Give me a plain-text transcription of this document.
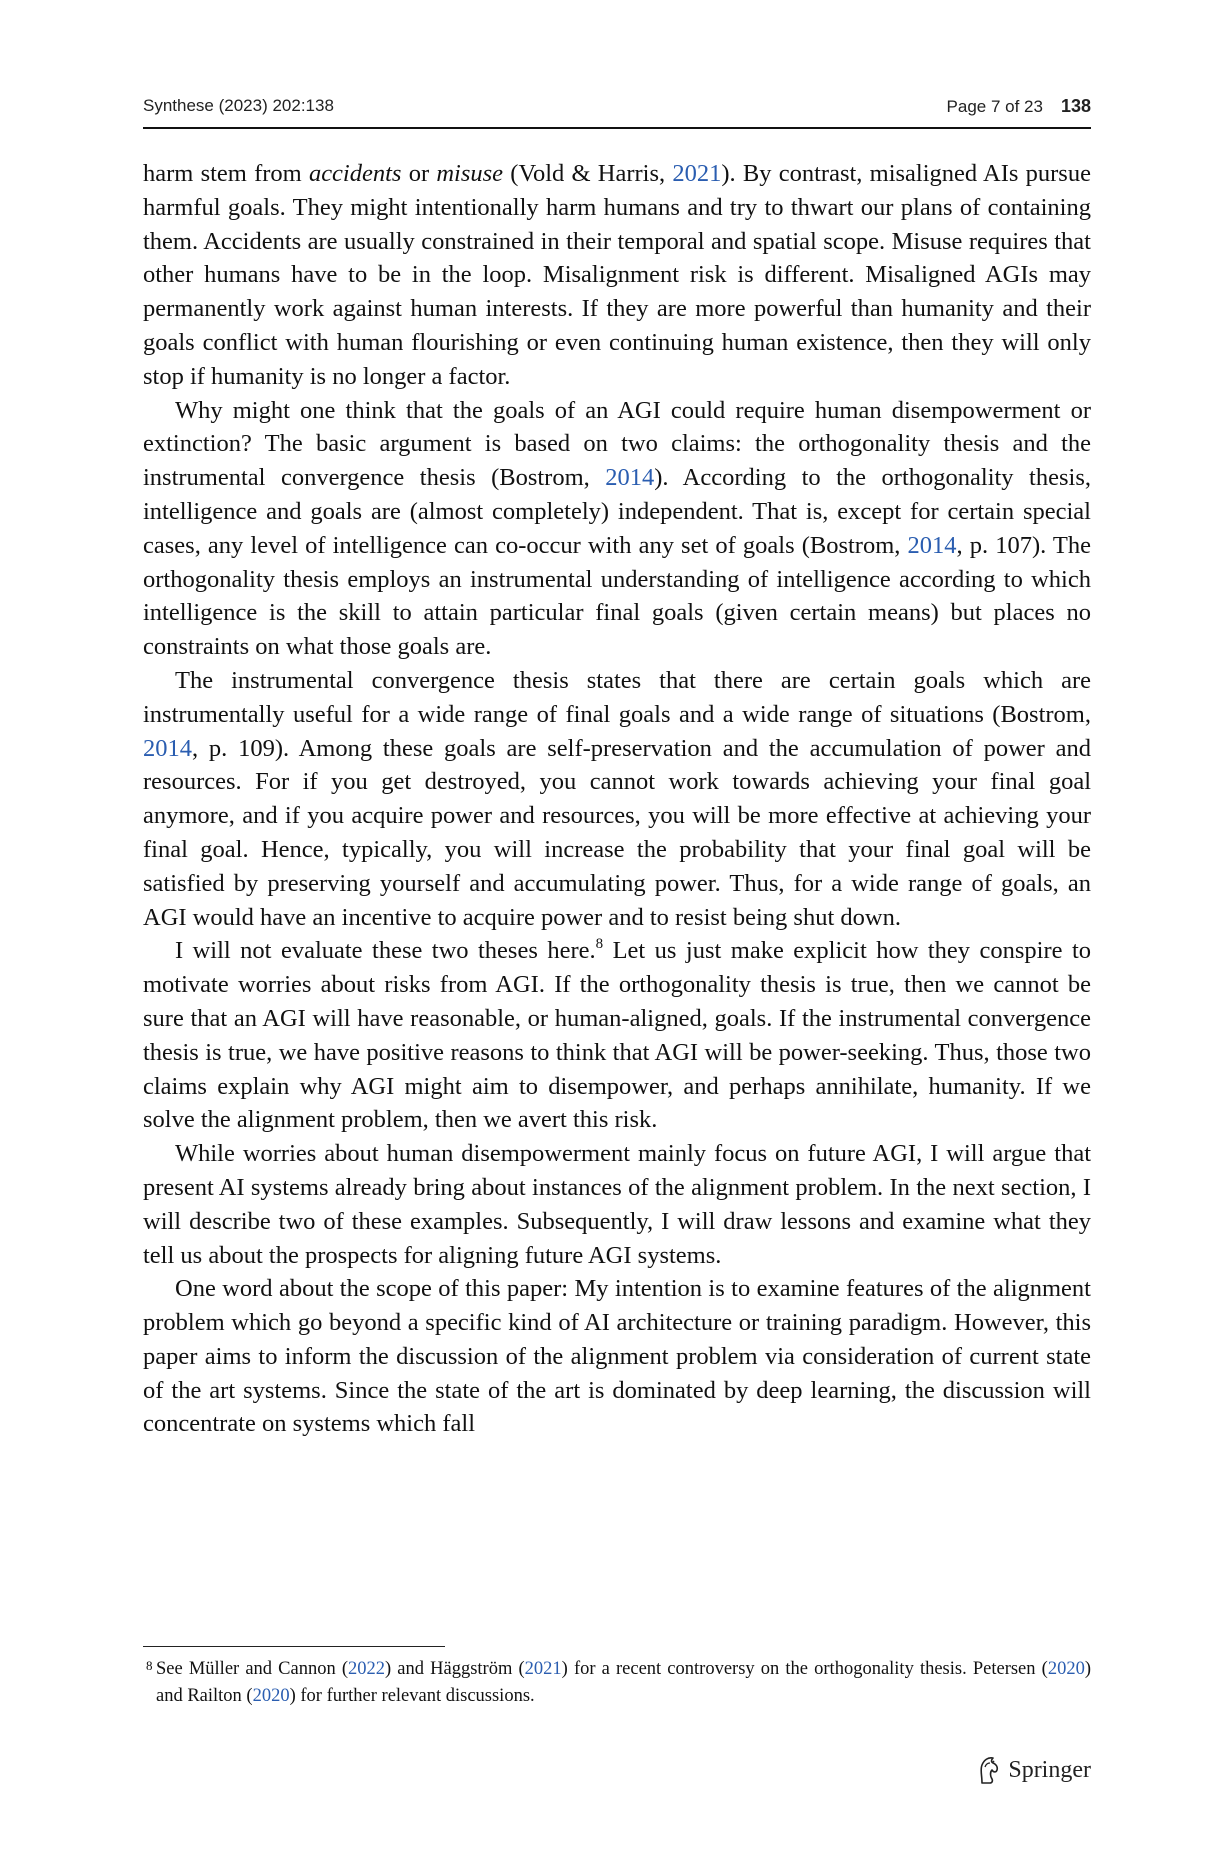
Synthese (2023) 202:138	Page 7 of 23 138

harm stem from accidents or misuse (Vold & Harris, 2021). By contrast, misaligned AIs pursue harmful goals. They might intentionally harm humans and try to thwart our plans of containing them. Accidents are usually constrained in their temporal and spatial scope. Misuse requires that other humans have to be in the loop. Misalignment risk is different. Misaligned AGIs may permanently work against human interests. If they are more powerful than humanity and their goals conflict with human flourishing or even continuing human existence, then they will only stop if humanity is no longer a factor.

Why might one think that the goals of an AGI could require human disempowerment or extinction? The basic argument is based on two claims: the orthogonality thesis and the instrumental convergence thesis (Bostrom, 2014). According to the orthogonality thesis, intelligence and goals are (almost completely) independent. That is, except for certain special cases, any level of intelligence can co-occur with any set of goals (Bostrom, 2014, p. 107). The orthogonality thesis employs an instrumental understanding of intelligence according to which intelligence is the skill to attain particular final goals (given certain means) but places no constraints on what those goals are.

The instrumental convergence thesis states that there are certain goals which are instrumentally useful for a wide range of final goals and a wide range of situations (Bostrom, 2014, p. 109). Among these goals are self-preservation and the accumulation of power and resources. For if you get destroyed, you cannot work towards achieving your final goal anymore, and if you acquire power and resources, you will be more effective at achieving your final goal. Hence, typically, you will increase the probability that your final goal will be satisfied by preserving yourself and accumulating power. Thus, for a wide range of goals, an AGI would have an incentive to acquire power and to resist being shut down.

I will not evaluate these two theses here.$^8$ Let us just make explicit how they conspire to motivate worries about risks from AGI. If the orthogonality thesis is true, then we cannot be sure that an AGI will have reasonable, or human-aligned, goals. If the instrumental convergence thesis is true, we have positive reasons to think that AGI will be power-seeking. Thus, those two claims explain why AGI might aim to disempower, and perhaps annihilate, humanity. If we solve the alignment problem, then we avert this risk.

While worries about human disempowerment mainly focus on future AGI, I will argue that present AI systems already bring about instances of the alignment problem. In the next section, I will describe two of these examples. Subsequently, I will draw lessons and examine what they tell us about the prospects for aligning future AGI systems.

One word about the scope of this paper: My intention is to examine features of the alignment problem which go beyond a specific kind of AI architecture or training paradigm. However, this paper aims to inform the discussion of the alignment problem via consideration of current state of the art systems. Since the state of the art is dominated by deep learning, the discussion will concentrate on systems which fall

8 See Müller and Cannon (2022) and Häggström (2021) for a recent controversy on the orthogonality thesis. Petersen (2020) and Railton (2020) for further relevant discussions.
Springer
